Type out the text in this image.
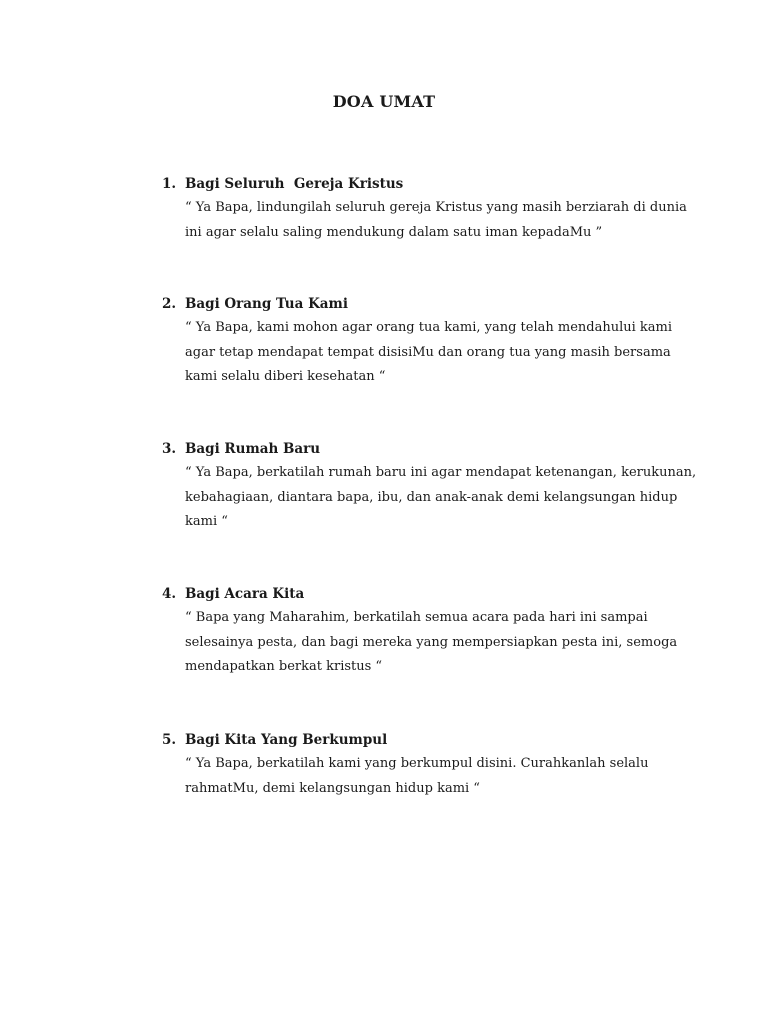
DOA UMAT
1. Bagi Seluruh  Gereja Kristus
“ Ya Bapa, lindungilah seluruh gereja Kristus yang masih berziarah di dunia
ini agar selalu saling mendukung dalam satu iman kepadaMu ”
2. Bagi Orang Tua Kami
“ Ya Bapa, kami mohon agar orang tua kami, yang telah mendahului kami
agar tetap mendapat tempat disisiMu dan orang tua yang masih bersama
kami selalu diberi kesehatan “
3. Bagi Rumah Baru
“ Ya Bapa, berkatilah rumah baru ini agar mendapat ketenangan, kerukunan,
kebahagiaan, diantara bapa, ibu, dan anak-anak demi kelangsungan hidup
kami “
4. Bagi Acara Kita
“ Bapa yang Maharahim, berkatilah semua acara pada hari ini sampai
selesainya pesta, dan bagi mereka yang mempersiapkan pesta ini, semoga
mendapatkan berkat kristus “
5. Bagi Kita Yang Berkumpul
“ Ya Bapa, berkatilah kami yang berkumpul disini. Curahkanlah selalu
rahmatMu, demi kelangsungan hidup kami “
